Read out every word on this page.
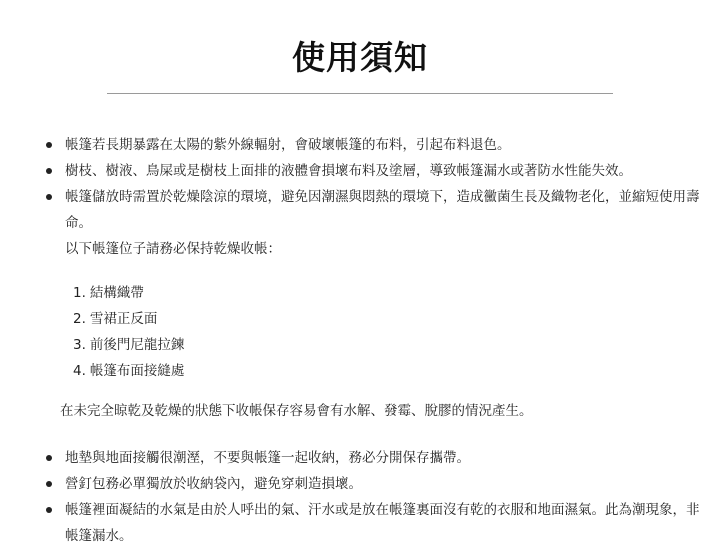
使用須知
帳篷若長期暴露在太陽的紫外線輻射，會破壞帳篷的布料，引起布料退色。
樹枝、樹液、鳥屎或是樹枝上面排的液體會損壞布料及塗層，導致帳篷漏水或著防水性能失效。
帳篷儲放時需置於乾燥陰涼的環境，避免因潮濕與悶熱的環境下，造成黴菌生長及織物老化，並縮短使用壽命。
以下帳篷位子請務必保持乾燥收帳：
1. 結構織帶
2. 雪裙正反面
3. 前後門尼龍拉鍊
4. 帳篷布面接縫處
在未完全晾乾及乾燥的狀態下收帳保存容易會有水解、發霉、脫膠的情況產生。
地墊與地面接觸很潮溼，不要與帳篷一起收納，務必分開保存攜帶。
營釘包務必單獨放於收納袋內，避免穿刺造損壞。
帳篷裡面凝結的水氣是由於人呼出的氣、汗水或是放在帳篷裏面沒有乾的衣服和地面濕氣。此為潮現象，非帳篷漏水。
